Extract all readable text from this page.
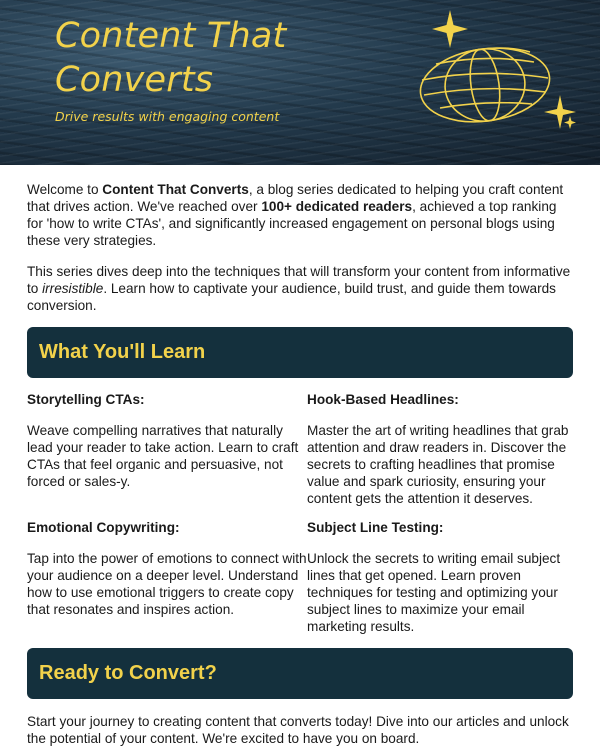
Content That
Converts

Drive results with engaging content

Welcome to Content That Converts, a blog series dedicated to helping you craft content that drives action. We've reached over 100+ dedicated readers, achieved a top ranking for 'how to write CTAs', and significantly increased engagement on personal blogs using these very strategies.

This series dives deep into the techniques that will transform your content from informative to irresistible. Learn how to captivate your audience, build trust, and guide them towards conversion.

What You'll Learn
Storytelling CTAs:

Weave compelling narratives that naturally lead your reader to take action. Learn to craft CTAs that feel organic and persuasive, not forced or sales-y.

Hook-Based Headlines:

Master the art of writing headlines that grab attention and draw readers in. Discover the secrets to crafting headlines that promise value and spark curiosity, ensuring your content gets the attention it deserves.

Emotional Copywriting:

Tap into the power of emotions to connect with your audience on a deeper level. Understand how to use emotional triggers to create copy that resonates and inspires action.

Subject Line Testing:

Unlock the secrets to writing email subject lines that get opened. Learn proven techniques for testing and optimizing your subject lines to maximize your email marketing results.

Ready to Convert?

Start your journey to creating content that converts today! Dive into our articles and unlock the potential of your content. We're excited to have you on board.
